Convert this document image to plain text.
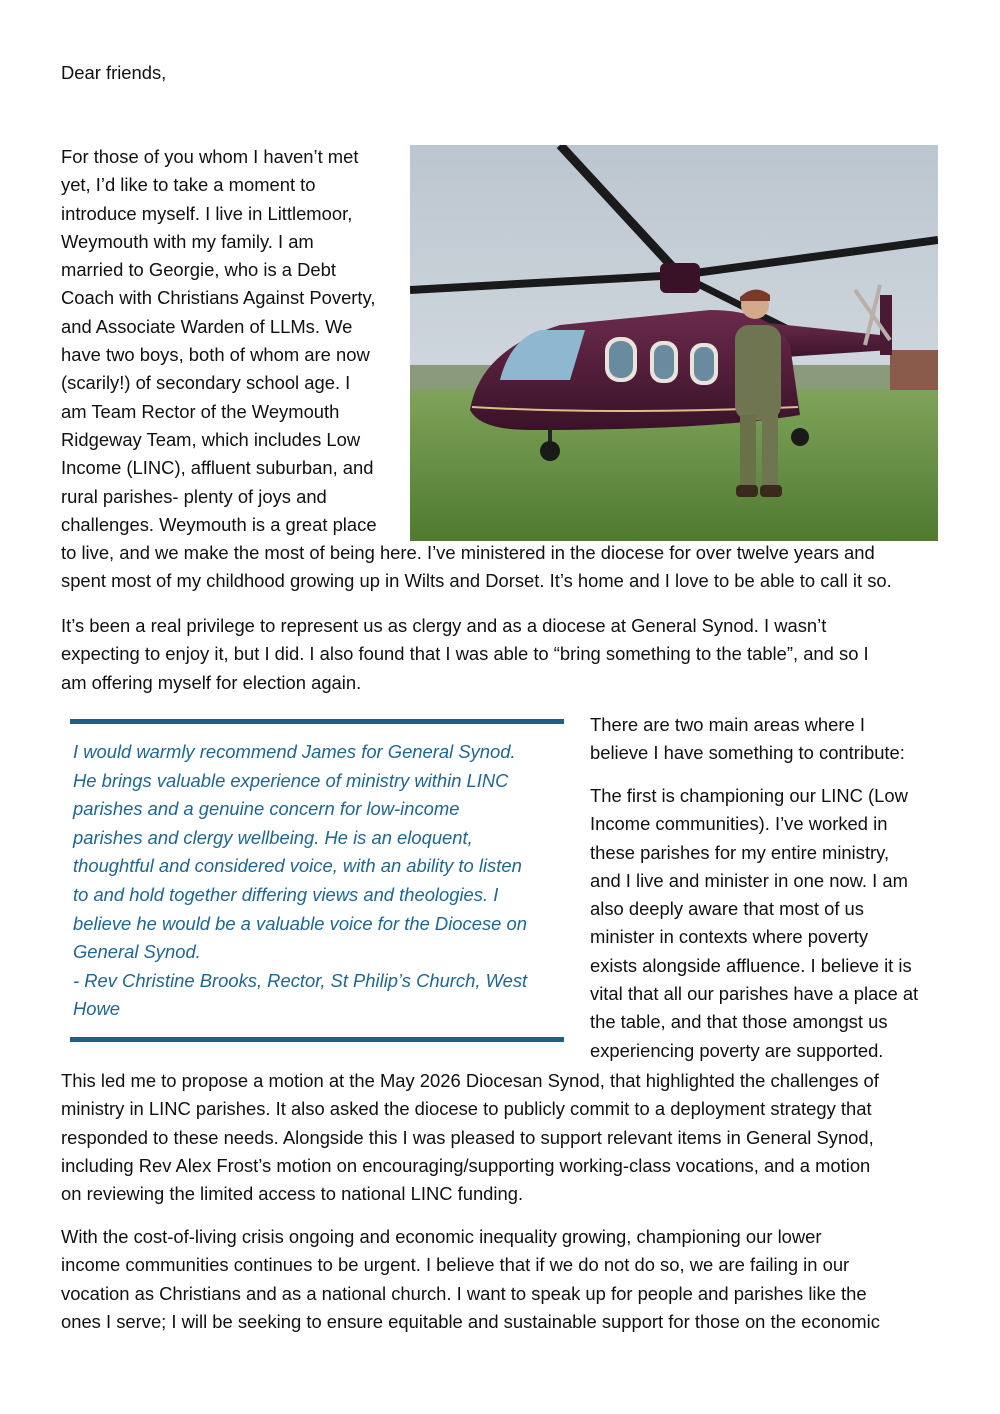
Dear friends,

For those of you whom I haven’t met
yet, I’d like to take a moment to
introduce myself. I live in Littlemoor,
Weymouth with my family. I am
married to Georgie, who is a Debt
Coach with Christians Against Poverty,
and Associate Warden of LLMs. We
have two boys, both of whom are now
(scarily!) of secondary school age. I
am Team Rector of the Weymouth
Ridgeway Team, which includes Low
Income (LINC), affluent suburban, and
rural parishes- plenty of joys and
challenges. Weymouth is a great place
to live, and we make the most of being here. I’ve ministered in the diocese for over twelve years and
spent most of my childhood growing up in Wilts and Dorset. It’s home and I love to be able to call it so.

It’s been a real privilege to represent us as clergy and as a diocese at General Synod. I wasn’t
expecting to enjoy it, but I did. I also found that I was able to “bring something to the table”, and so I
am offering myself for election again.

I would warmly recommend James for General Synod.
He brings valuable experience of ministry within LINC
parishes and a genuine concern for low-income
parishes and clergy wellbeing. He is an eloquent,
thoughtful and considered voice, with an ability to listen
to and hold together differing views and theologies. I
believe he would be a valuable voice for the Diocese on
General Synod.
- Rev Christine Brooks, Rector, St Philip’s Church, West
Howe

There are two main areas where I
believe I have something to contribute:

The first is championing our LINC (Low
Income communities). I’ve worked in
these parishes for my entire ministry,
and I live and minister in one now. I am
also deeply aware that most of us
minister in contexts where poverty
exists alongside affluence. I believe it is
vital that all our parishes have a place at
the table, and that those amongst us
experiencing poverty are supported.

This led me to propose a motion at the May 2026 Diocesan Synod, that highlighted the challenges of
ministry in LINC parishes. It also asked the diocese to publicly commit to a deployment strategy that
responded to these needs. Alongside this I was pleased to support relevant items in General Synod,
including Rev Alex Frost’s motion on encouraging/supporting working-class vocations, and a motion
on reviewing the limited access to national LINC funding.

With the cost-of-living crisis ongoing and economic inequality growing, championing our lower
income communities continues to be urgent. I believe that if we do not do so, we are failing in our
vocation as Christians and as a national church. I want to speak up for people and parishes like the
ones I serve; I will be seeking to ensure equitable and sustainable support for those on the economic
